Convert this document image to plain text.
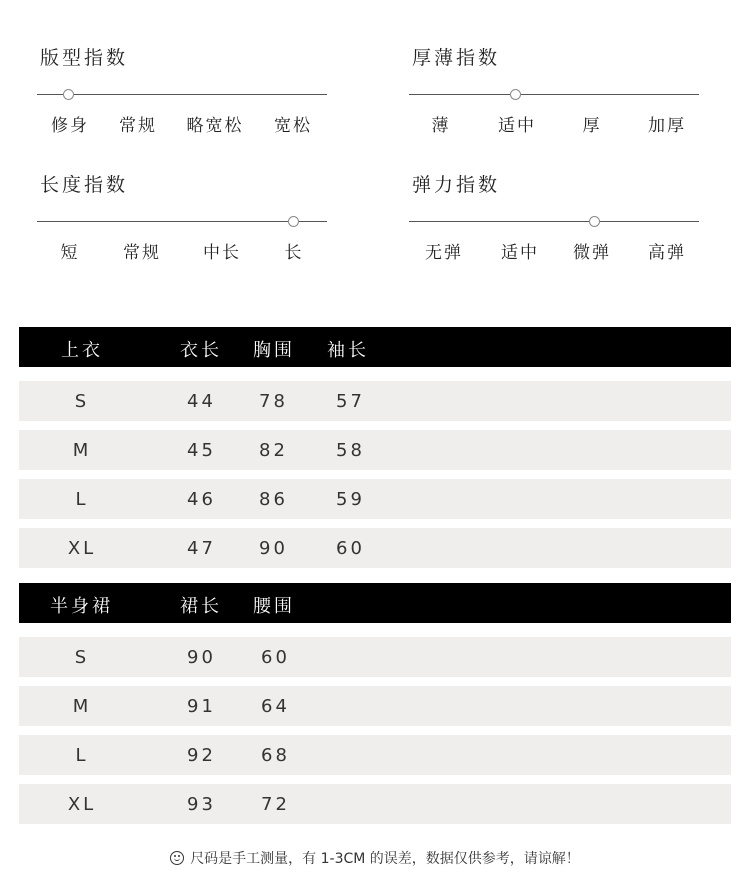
版型指数
修身 常规 略宽松 宽松
厚薄指数
薄	适中	厚	加厚
长度指数
短	常规 中长	长
弹力指数
无弹 适中 微弹 高弹
上衣	衣长 胸围 袖长
S	44 78	57
M	45 82	58
L	46 86	59
XL	47 90	60
半身裙	裙长 腰围
S	90	60
M	91	64
L	92	68
XL	93	72
尺码是手工测量，有 1-3CM 的误差，数据仅供参考，请谅解！
